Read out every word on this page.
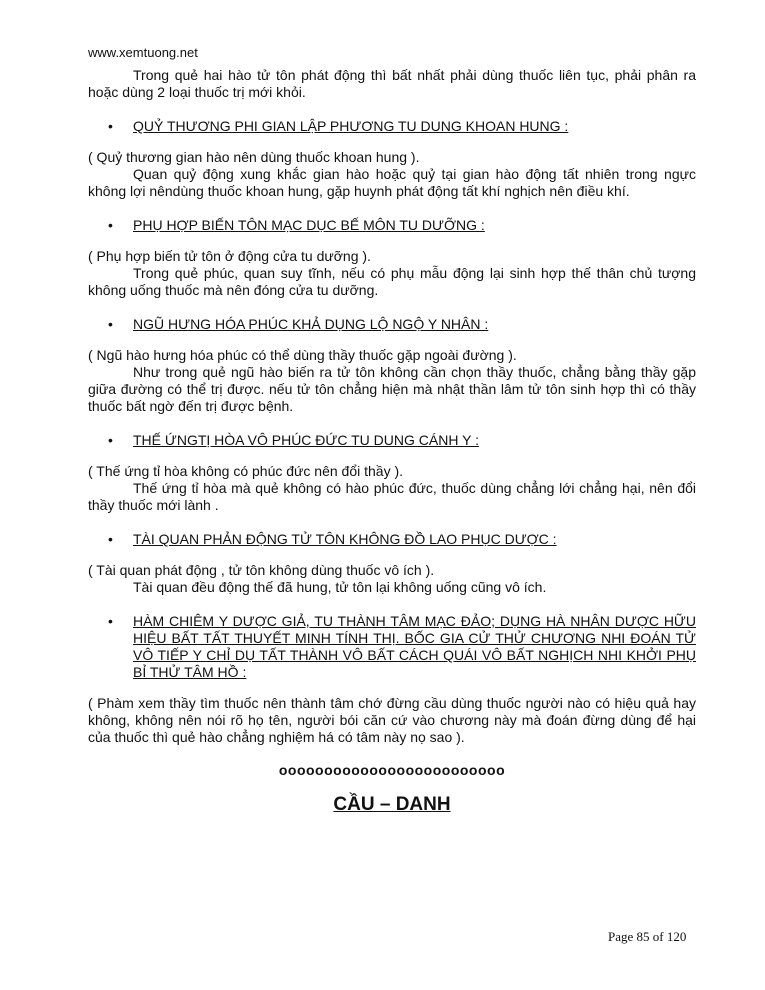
www.xemtuong.net

Trong quẻ hai hào tử tôn phát động thì bất nhất phải dùng thuốc liên tục, phải phân ra hoặc dùng 2 loại thuốc trị mới khỏi.

•	QUỶ THƯƠNG PHI GIAN LẬP PHƯƠNG TU DUNG KHOAN HUNG :

( Quỷ thương gian hào nên dùng thuốc khoan hung ).

Quan quỷ động xung khắc gian hào hoặc quỷ tại gian hào động tất nhiên trong ngực không lợi nêndùng thuốc khoan hung, gặp huynh phát động tất khí nghịch nên điều khí.

•	PHỤ HỢP BIẾN TÔN MẠC DỤC BẾ MÔN TU DƯỠNG :

( Phụ hợp biến tử tôn ở động cửa tu dưỡng ).

Trong quẻ phúc, quan suy tĩnh, nếu có phụ mẫu động lại sinh hợp thế thân chủ tượng không uống thuốc mà nên đóng cửa tu dưỡng.

•	NGŨ HƯNG HÓA PHÚC KHẢ DỤNG LỘ NGỘ Y NHÂN :

( Ngũ hào hưng hóa phúc có thể dùng thầy thuốc gặp ngoài đường ).

Như trong quẻ ngũ hào biến ra tử tôn không cần chọn thầy thuốc, chẳng bằng thầy gặp giữa đường có thể trị được. nếu tử tôn chẳng hiện mà nhật thần lâm tử tôn sinh hợp thì có thầy thuốc bất ngờ đến trị được bệnh.

•	THẾ ỨNGTỊ HÒA VÔ PHÚC ĐỨC TU DUNG CÁNH Y :

( Thế ứng tỉ hòa không có phúc đức nên đổi thầy ).

Thế ứng tỉ hòa mà quẻ không có hào phúc đức, thuốc dùng chẳng lới chẳng hại, nên đổi thầy thuốc mới lành .

•	TÀI QUAN PHẢN ĐỘNG TỬ TÔN KHÔNG ĐỒ LAO PHỤC DƯỢC :

( Tài quan phát động , tử tôn không dùng thuốc vô ích ).

Tài quan đều động thế đã hung, tử tôn lại không uống cũng vô ích.

•	HÀM CHIÊM Y DƯỢC GIẢ, TU THÀNH TÂM MẠC ĐẢO; DỤNG HÀ NHÂN DƯỢC HỮU HIỆU BẤT TẤT THUYẾT MINH TÍNH THỊ. BỐC GIA CỬ THỬ CHƯƠNG NHI ĐOÁN TỬ VÔ TIẾP Y CHỈ DỤ TẤT THÀNH VÔ BẤT CÁCH QUÁI VÔ BẤT NGHỊCH NHI KHỞI PHỤ BỈ THỬ TÂM HỒ :

( Phàm xem thầy tìm thuốc nên thành tâm chớ đừng cầu dùng thuốc người nào có hiệu quả hay không, không nên nói rõ họ tên, người bói căn cứ vào chương này mà đoán đừng dùng để hại của thuốc thì quẻ hào chẳng nghiệm há có tâm này nọ sao ).

ooooooooooooooooooooooooo
CẦU – DANH
Page 85 of 120
